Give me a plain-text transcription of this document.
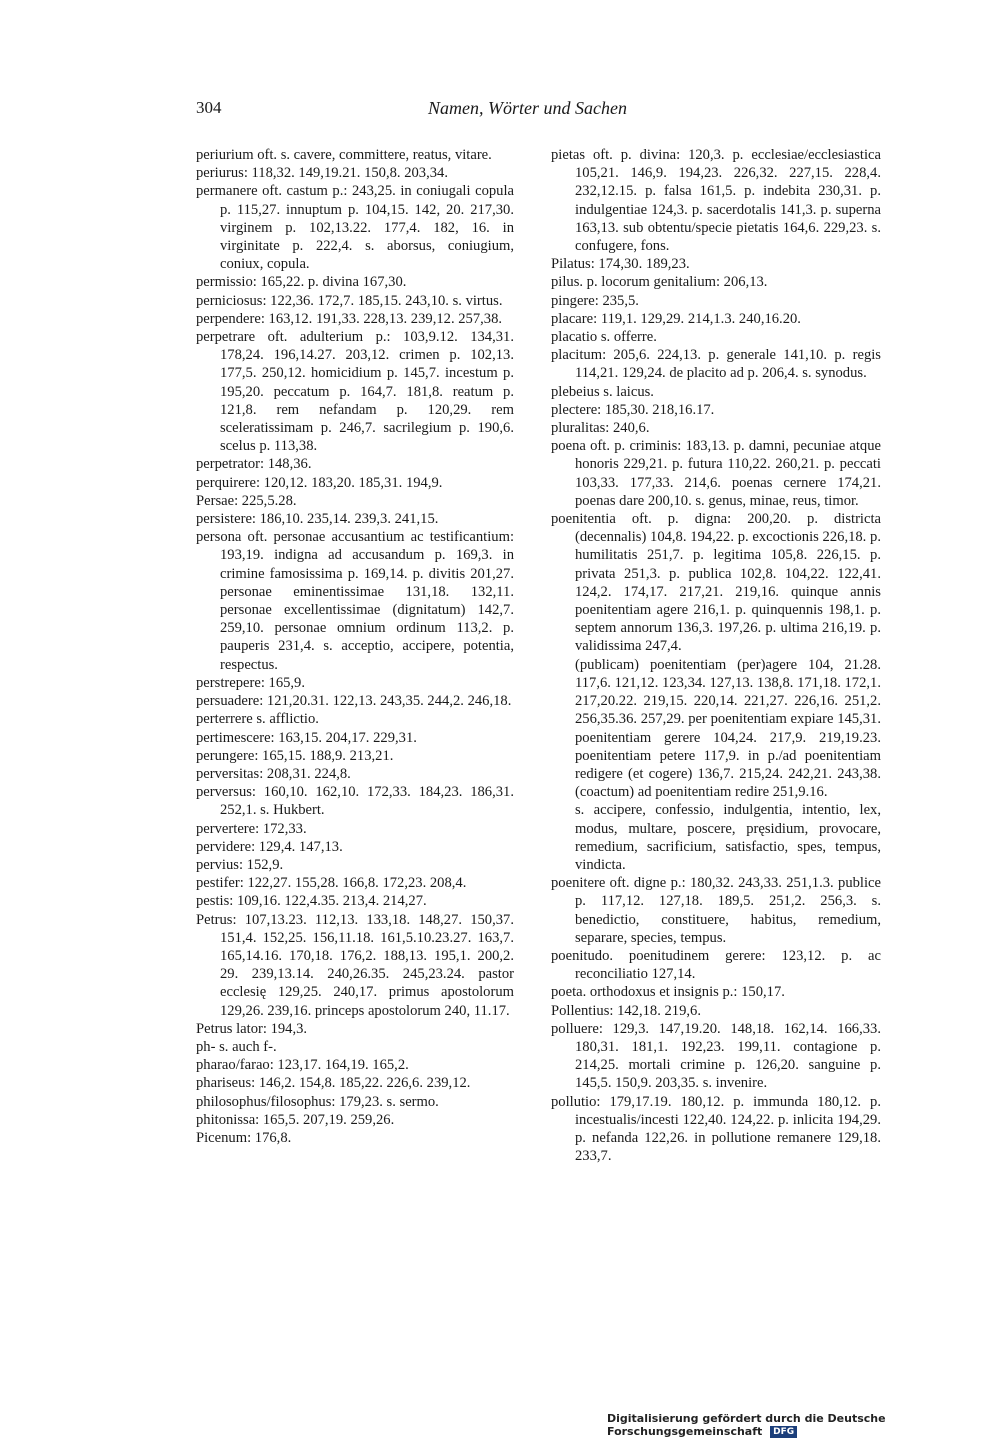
304	Namen, Wörter und Sachen

periurium oft. s. cavere, committere, reatus, vitare.

periurus: 118,32. 149,19.21. 150,8. 203,34.

permanere oft. castum p.: 243,25. in coniugali copula p. 115,27. innuptum p. 104,15. 142, 20. 217,30. virginem p. 102,13.22. 177,4. 182, 16. in virginitate p. 222,4. s. aborsus, coniugium, coniux, copula.

permissio: 165,22. p. divina 167,30.

perniciosus: 122,36. 172,7. 185,15. 243,10. s. virtus.

perpendere: 163,12. 191,33. 228,13. 239,12. 257,38.

perpetrare oft. adulterium p.: 103,9.12. 134,31. 178,24. 196,14.27. 203,12. crimen p. 102,13. 177,5. 250,12. homicidium p. 145,7. incestum p. 195,20. peccatum p. 164,7. 181,8. reatum p. 121,8. rem nefandam p. 120,29. rem sceleratissimam p. 246,7. sacrilegium p. 190,6. scelus p. 113,38.

perpetrator: 148,36.

perquirere: 120,12. 183,20. 185,31. 194,9.

Persae: 225,5.28.

persistere: 186,10. 235,14. 239,3. 241,15.

persona oft. personae accusantium ac testificantium: 193,19. indigna ad accusandum p. 169,3. in crimine famosissima p. 169,14. p. divitis 201,27. personae eminentissimae 131,18. 132,11. personae excellentissimae (dignitatum) 142,7. 259,10. personae omnium ordinum 113,2. p. pauperis 231,4. s. acceptio, accipere, potentia, respectus.

perstrepere: 165,9.

persuadere: 121,20.31. 122,13. 243,35. 244,2. 246,18.

perterrere s. afflictio.

pertimescere: 163,15. 204,17. 229,31.

perungere: 165,15. 188,9. 213,21.

perversitas: 208,31. 224,8.

perversus: 160,10. 162,10. 172,33. 184,23. 186,31. 252,1. s. Hukbert.

pervertere: 172,33.

pervidere: 129,4. 147,13.

pervius: 152,9.

pestifer: 122,27. 155,28. 166,8. 172,23. 208,4.

pestis: 109,16. 122,4.35. 213,4. 214,27.

Petrus: 107,13.23. 112,13. 133,18. 148,27. 150,37. 151,4. 152,25. 156,11.18. 161,5.10.23.27. 163,7. 165,14.16. 170,18. 176,2. 188,13. 195,1. 200,2. 29. 239,13.14. 240,26.35. 245,23.24. pastor ecclesię 129,25. 240,17. primus apostolorum 129,26. 239,16. princeps apostolorum 240, 11.17.

Petrus lator: 194,3.

ph- s. auch f-.

pharao/farao: 123,17. 164,19. 165,2.

phariseus: 146,2. 154,8. 185,22. 226,6. 239,12.

philosophus/filosophus: 179,23. s. sermo.

phitonissa: 165,5. 207,19. 259,26.

Picenum: 176,8.

pietas oft. p. divina: 120,3. p. ecclesiae/ecclesiastica 105,21. 146,9. 194,23. 226,32. 227,15. 228,4. 232,12.15. p. falsa 161,5. p. indebita 230,31. p. indulgentiae 124,3. p. sacerdotalis 141,3. p. superna 163,13. sub obtentu/specie pietatis 164,6. 229,23. s. confugere, fons.

Pilatus: 174,30. 189,23.

pilus. p. locorum genitalium: 206,13.

pingere: 235,5.

placare: 119,1. 129,29. 214,1.3. 240,16.20.

placatio s. offerre.

placitum: 205,6. 224,13. p. generale 141,10. p. regis 114,21. 129,24. de placito ad p. 206,4. s. synodus.

plebeius s. laicus.

plectere: 185,30. 218,16.17.

pluralitas: 240,6.

poena oft. p. criminis: 183,13. p. damni, pecuniae atque honoris 229,21. p. futura 110,22. 260,21. p. peccati 103,33. 177,33. 214,6. poenas cernere 174,21. poenas dare 200,10. s. genus, minae, reus, timor.

poenitentia oft. p. digna: 200,20. p. districta (decennalis) 104,8. 194,22. p. excoctionis 226,18. p. humilitatis 251,7. p. legitima 105,8. 226,15. p. privata 251,3. p. publica 102,8. 104,22. 122,41. 124,2. 174,17. 217,21. 219,16. quinque annis poenitentiam agere 216,1. p. quinquennis 198,1. p. septem annorum 136,3. 197,26. p. ultima 216,19. p. validissima 247,4.

(publicam) poenitentiam (per)agere 104, 21.28. 117,6. 121,12. 123,34. 127,13. 138,8. 171,18. 172,1. 217,20.22. 219,15. 220,14. 221,27. 226,16. 251,2. 256,35.36. 257,29. per poenitentiam expiare 145,31. poenitentiam gerere 104,24. 217,9. 219,19.23. poenitentiam petere 117,9. in p./ad poenitentiam redigere (et cogere) 136,7. 215,24. 242,21. 243,38. (coactum) ad poenitentiam redire 251,9.16.

s. accipere, confessio, indulgentia, intentio, lex, modus, multare, poscere, pręsidium, provocare, remedium, sacrificium, satisfactio, spes, tempus, vindicta.

poenitere oft. digne p.: 180,32. 243,33. 251,1.3. publice p. 117,12. 127,18. 189,5. 251,2. 256,3. s. benedictio, constituere, habitus, remedium, separare, species, tempus.

poenitudo. poenitudinem gerere: 123,12. p. ac reconciliatio 127,14.

poeta. orthodoxus et insignis p.: 150,17.

Pollentius: 142,18. 219,6.

polluere: 129,3. 147,19.20. 148,18. 162,14. 166,33. 180,31. 181,1. 192,23. 199,11. contagione p. 214,25. mortali crimine p. 126,20. sanguine p. 145,5. 150,9. 203,35. s. invenire.

pollutio: 179,17.19. 180,12. p. immunda 180,12. p. incestualis/incesti 122,40. 124,22. p. inlicita 194,29. p. nefanda 122,26. in pollutione remanere 129,18. 233,7.

Digitalisierung gefördert durch die Deutsche Forschungsgemeinschaft DFG
